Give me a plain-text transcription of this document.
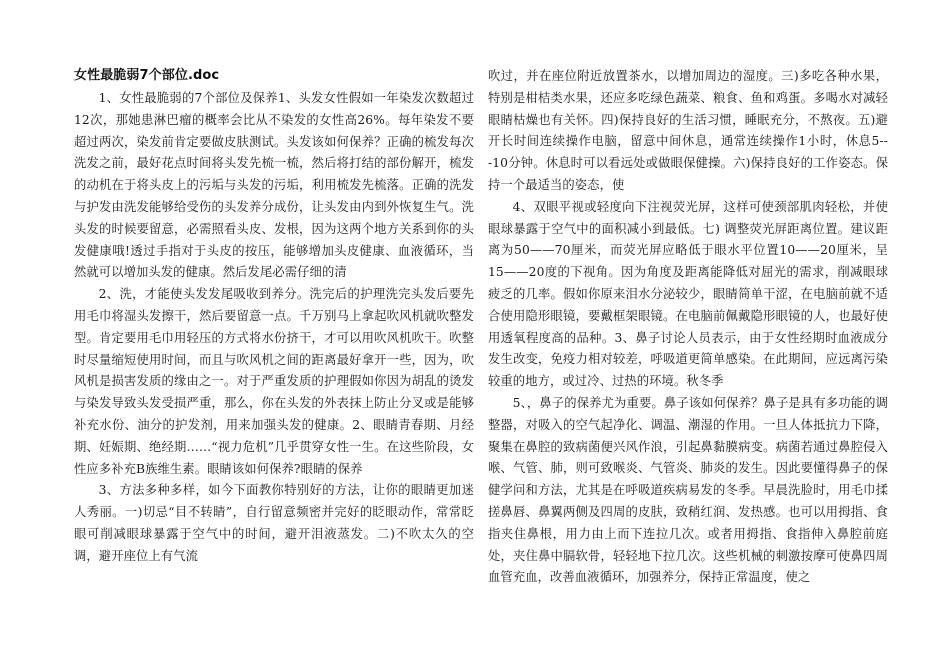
女性最脆弱7个部位.doc

1、女性最脆弱的7个部位及保养1、头发女性假如一年染发次数超过12次，那她患淋巴瘤的概率会比从不染发的女性高26%。每年染发不要超过两次，染发前肯定要做皮肤测试。头发该如何保养？正确的梳发每次洗发之前，最好花点时间将头发先梳一梳，然后将打结的部份解开，梳发的动机在于将头皮上的污垢与头发的污垢，利用梳发先梳落。正确的洗发与护发由洗发能够给受伤的头发养分成份，让头发由内到外恢复生气。洗头发的时候要留意，必需照看头皮、发根，因为这两个地方关系到你的头发健康哦!透过手指对于头皮的按压，能够增加头皮健康、血液循环，当然就可以增加头发的健康。然后发尾必需仔细的清

2、洗，才能使头发发尾吸收到养分。洗完后的护理洗完头发后要先用毛巾将湿头发擦干，然后要留意一点。千万别马上拿起吹风机就吹整发型。肯定要用毛巾用轻压的方式将水份挤干，才可以用吹风机吹干。吹整时尽量缩短使用时间，而且与吹风机之间的距离最好拿开一些，因为，吹风机是损害发质的缘由之一。对于严重发质的护理假如你因为胡乱的烫发与染发导致头发受损严重，那么，你在头发的外表抹上防止分叉或是能够补充水份、油分的护发剂，用来加强头发的健康。2、眼睛青春期、月经期、妊娠期、绝经期……“视力危机”几乎贯穿女性一生。在这些阶段，女性应多补充B族维生素。眼睛该如何保养?眼睛的保养

3、方法多种多样，如今下面教你特别好的方法，让你的眼睛更加迷人秀丽。一)切忌“目不转睛”，自行留意频密并完好的眨眼动作，常常眨眼可削减眼球暴露于空气中的时间，避开泪液蒸发。二)不吹太久的空调，避开座位上有气流

吹过，并在座位附近放置茶水，以增加周边的湿度。三)多吃各种水果，特别是柑桔类水果，还应多吃绿色蔬菜、粮食、鱼和鸡蛋。多喝水对减轻眼睛枯燥也有关怀。四)保持良好的生活习惯，睡眠充分，不熬夜。五)避开长时间连续操作电脑，留意中间休息，通常连续操作1小时，休息5---10分钟。休息时可以看远处或做眼保健操。六)保持良好的工作姿态。保持一个最适当的姿态，使

4、双眼平视或轻度向下注视荧光屏，这样可使颈部肌肉轻松，并使眼球暴露于空气中的面积减小到最低。七) 调整荧光屏距离位置。建议距离为50——70厘米，而荧光屏应略低于眼水平位置10——20厘米，呈15——20度的下视角。因为角度及距离能降低对屈光的需求，削减眼球疲乏的几率。假如你原来泪水分泌较少，眼睛简单干涩，在电脑前就不适合使用隐形眼镜，要戴框架眼镜。在电脑前佩戴隐形眼镜的人，也最好使用透氧程度高的品种。3、鼻子讨论人员表示，由于女性经期时血液成分发生改变，免疫力相对较差，呼吸道更简单感染。在此期间，应远离污染较重的地方，或过冷、过热的环境。秋冬季

5、，鼻子的保养尤为重要。鼻子该如何保养？鼻子是具有多功能的调整器，对吸入的空气起净化、调温、潮湿的作用。一旦人体抵抗力下降，聚集在鼻腔的致病菌便兴风作浪，引起鼻黏膜病变。病菌若通过鼻腔侵入喉、气管、肺，则可致喉炎、气管炎、肺炎的发生。因此要懂得鼻子的保健学问和方法，尤其是在呼吸道疾病易发的冬季。早晨洗脸时，用毛巾揉搓鼻唇、鼻翼两侧及四周的皮肤，致稍红润、发热感。也可以用拇指、食指夹住鼻根，用力由上而下连拉几次。或者用拇指、食指伸入鼻腔前庭处，夹住鼻中膈软骨，轻轻地下拉几次。这些机械的刺激按摩可使鼻四周血管充血，改善血液循环，加强养分，保持正常温度，使之
